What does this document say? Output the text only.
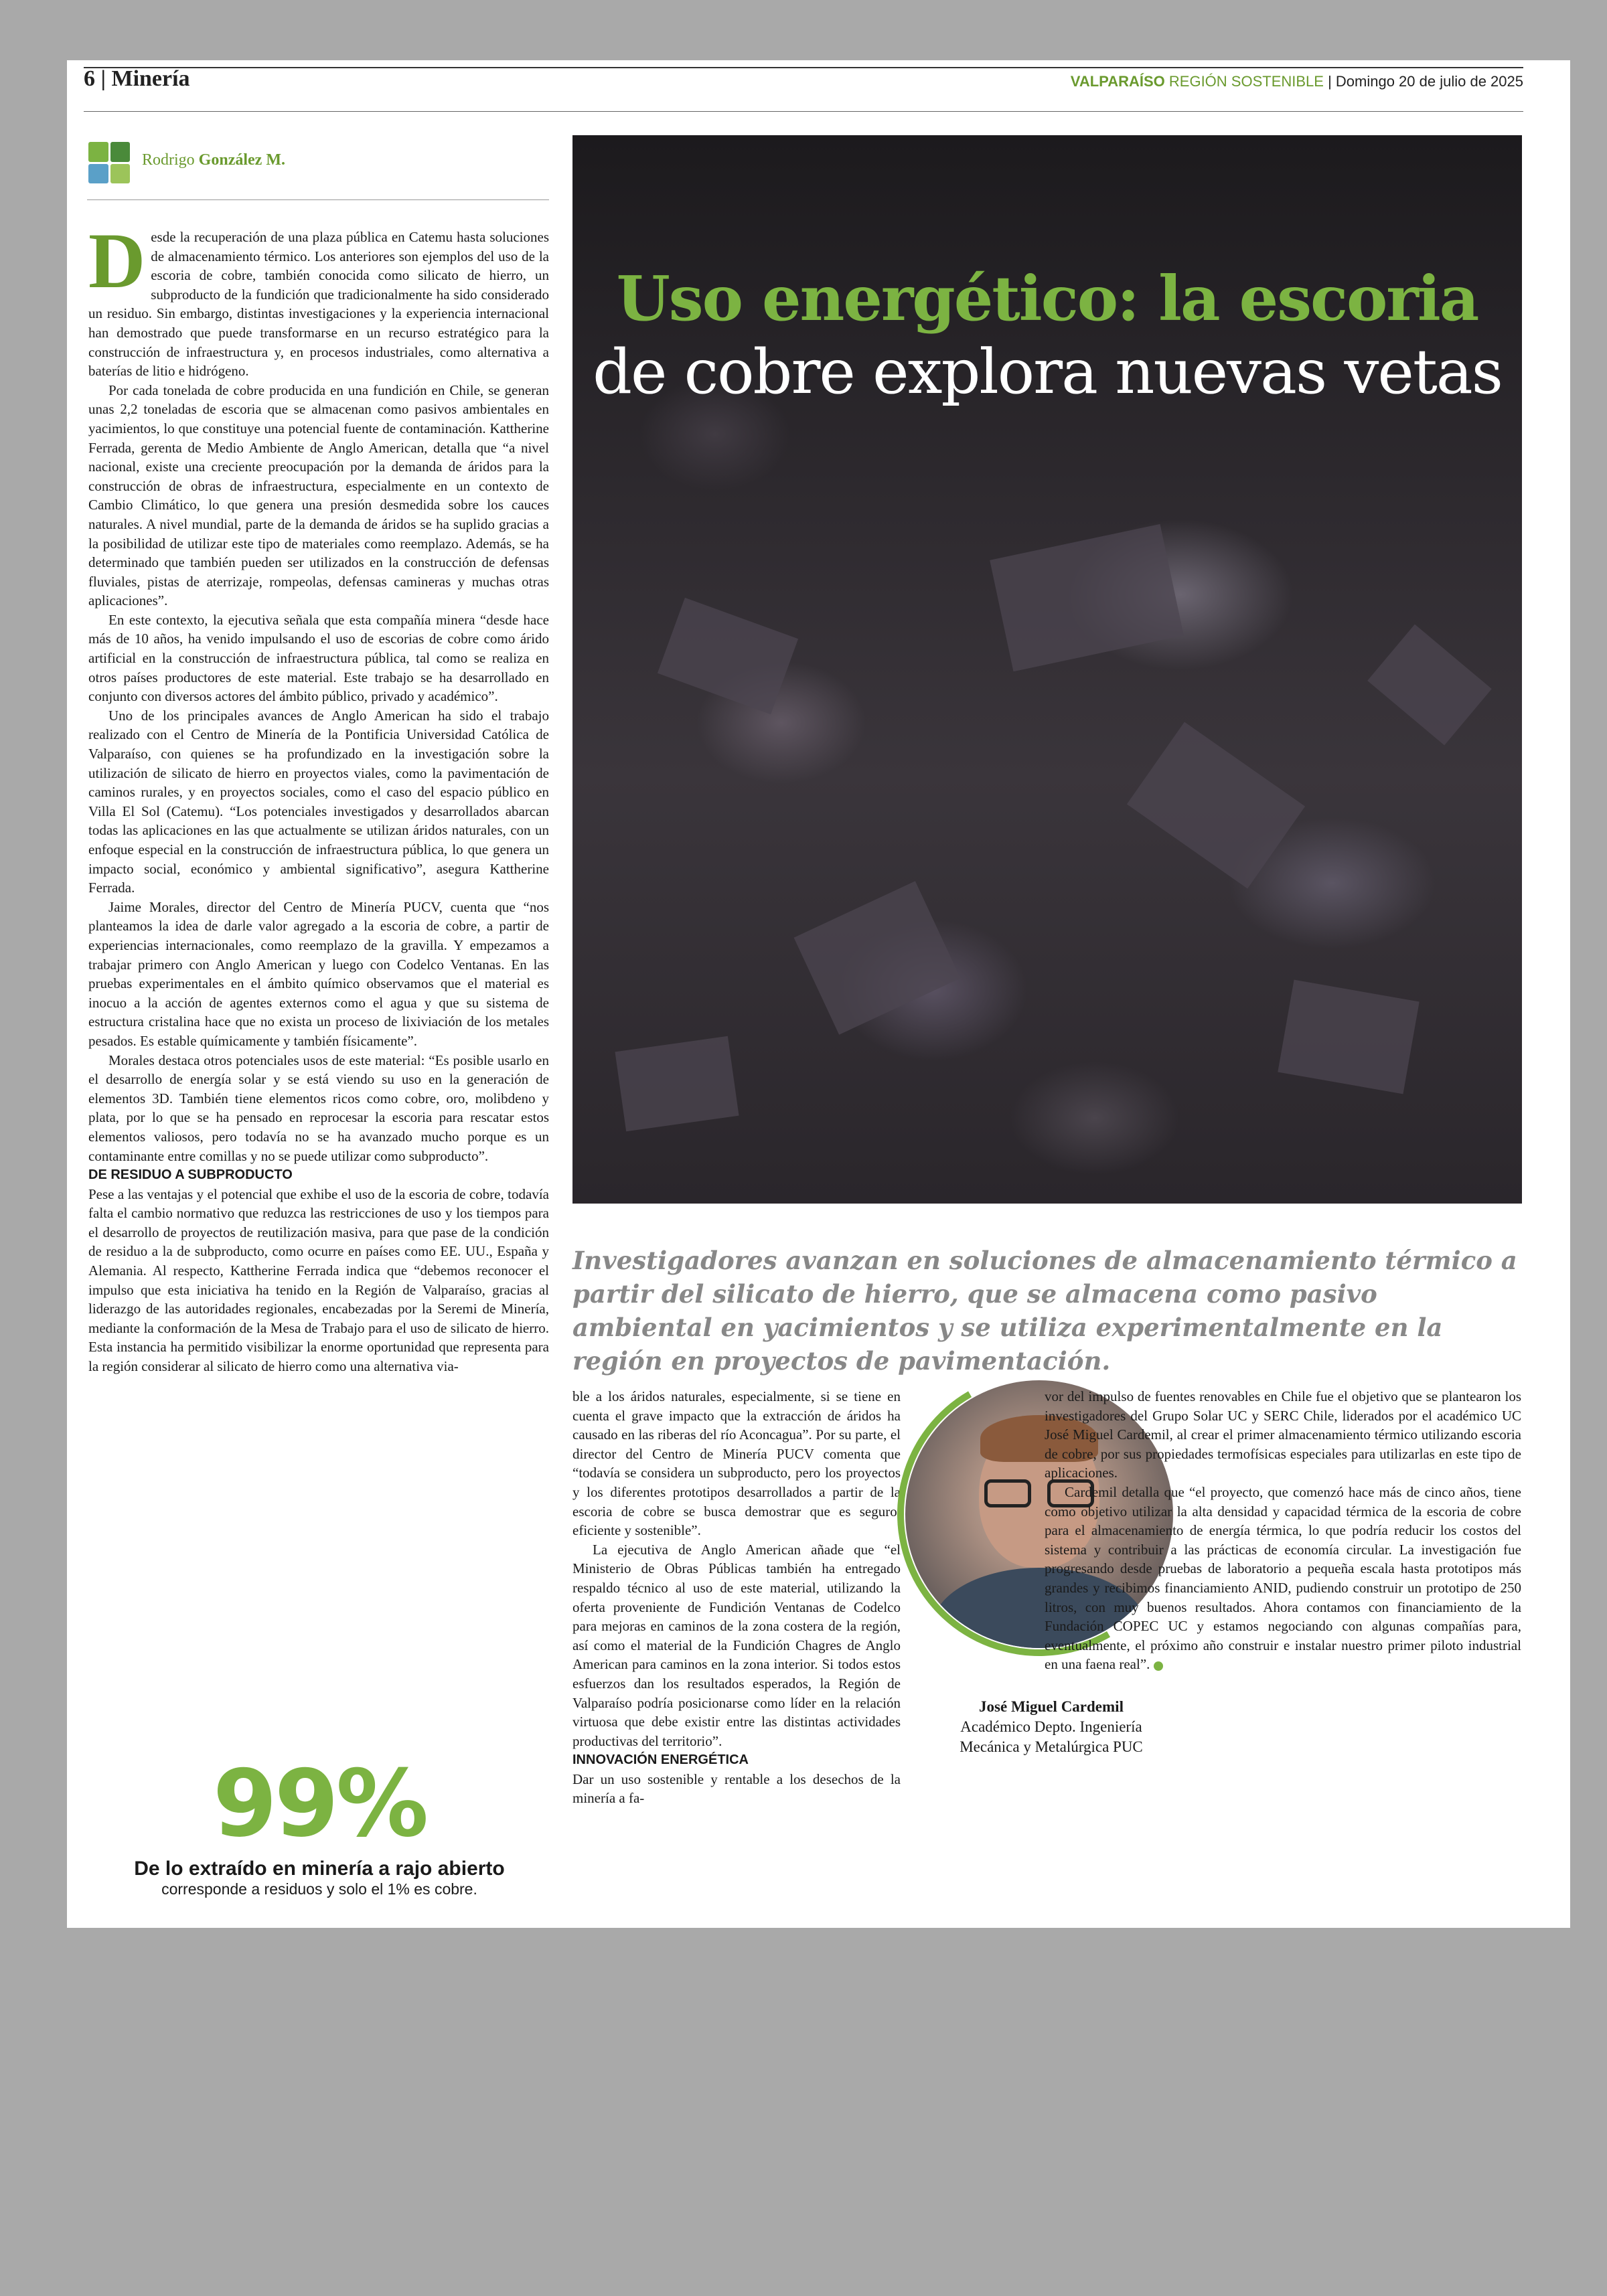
6 | Minería	VALPARAÍSO REGIÓN SOSTENIBLE | Domingo 20 de julio de 2025
Rodrigo González M.

Desde la recuperación de una plaza pública en Catemu hasta soluciones de almacenamiento térmico. Los anteriores son ejemplos del uso de la escoria de cobre, también conocida como silicato de hierro, un subproducto de la fundición que tradicionalmente ha sido considerado un residuo. Sin embargo, distintas investigaciones y la experiencia internacional han demostrado que puede transformarse en un recurso estratégico para la construcción de infraestructura y, en procesos industriales, como alternativa a baterías de litio e hidrógeno.

Por cada tonelada de cobre producida en una fundición en Chile, se generan unas 2,2 toneladas de escoria que se almacenan como pasivos ambientales en yacimientos, lo que constituye una potencial fuente de contaminación. Kattherine Ferrada, gerenta de Medio Ambiente de Anglo American, detalla que “a nivel nacional, existe una creciente preocupación por la demanda de áridos para la construcción de obras de infraestructura, especialmente en un contexto de Cambio Climático, lo que genera una presión desmedida sobre los cauces naturales. A nivel mundial, parte de la demanda de áridos se ha suplido gracias a la posibilidad de utilizar este tipo de materiales como reemplazo. Además, se ha determinado que también pueden ser utilizados en la construcción de defensas fluviales, pistas de aterrizaje, rompeolas, defensas camineras y muchas otras aplicaciones”.

En este contexto, la ejecutiva señala que esta compañía minera “desde hace más de 10 años, ha venido impulsando el uso de escorias de cobre como árido artificial en la construcción de infraestructura pública, tal como se realiza en otros países productores de este material. Este trabajo se ha desarrollado en conjunto con diversos actores del ámbito público, privado y académico”.

Uno de los principales avances de Anglo American ha sido el trabajo realizado con el Centro de Minería de la Pontificia Universidad Católica de Valparaíso, con quienes se ha profundizado en la investigación sobre la utilización de silicato de hierro en proyectos viales, como la pavimentación de caminos rurales, y en proyectos sociales, como el caso del espacio público en Villa El Sol (Catemu). “Los potenciales investigados y desarrollados abarcan todas las aplicaciones en las que actualmente se utilizan áridos naturales, con un enfoque especial en la construcción de infraestructura pública, lo que genera un impacto social, económico y ambiental significativo”, asegura Kattherine Ferrada.

Jaime Morales, director del Centro de Minería PUCV, cuenta que “nos planteamos la idea de darle valor agregado a la escoria de cobre, a partir de experiencias internacionales, como reemplazo de la gravilla. Y empezamos a trabajar primero con Anglo American y luego con Codelco Ventanas. En las pruebas experimentales en el ámbito químico observamos que el material es inocuo a la acción de agentes externos como el agua y que su sistema de estructura cristalina hace que no exista un proceso de lixiviación de los metales pesados. Es estable químicamente y también físicamente”.

Morales destaca otros potenciales usos de este material: “Es posible usarlo en el desarrollo de energía solar y se está viendo su uso en la generación de elementos 3D. También tiene elementos ricos como cobre, oro, molibdeno y plata, por lo que se ha pensado en reprocesar la escoria para rescatar estos elementos valiosos, pero todavía no se ha avanzado mucho porque es un contaminante entre comillas y no se puede utilizar como subproducto”.

DE RESIDUO A SUBPRODUCTO

Pese a las ventajas y el potencial que exhibe el uso de la escoria de cobre, todavía falta el cambio normativo que reduzca las restricciones de uso y los tiempos para el desarrollo de proyectos de reutilización masiva, para que pase de la condición de residuo a la de subproducto, como ocurre en países como EE. UU., España y Alemania. Al respecto, Kattherine Ferrada indica que “debemos reconocer el impulso que esta iniciativa ha tenido en la Región de Valparaíso, gracias al liderazgo de las autoridades regionales, encabezadas por la Seremi de Minería, mediante la conformación de la Mesa de Trabajo para el uso de silicato de hierro. Esta instancia ha permitido visibilizar la enorme oportunidad que representa para la región considerar al silicato de hierro como una alternativa via-

Uso energético: la escoria
de cobre explora nuevas vetas
Investigadores avanzan en soluciones de almacenamiento térmico a partir del silicato de hierro, que se almacena como pasivo ambiental en yacimientos y se utiliza experimentalmente en la región en proyectos de pavimentación.

ble a los áridos naturales, especialmente, si se tiene en cuenta el grave impacto que la extracción de áridos ha causado en las riberas del río Aconcagua”. Por su parte, el director del Centro de Minería PUCV comenta que “todavía se considera un subproducto, pero los proyectos y los diferentes prototipos desarrollados a partir de la escoria de cobre se busca demostrar que es seguro, eficiente y sostenible”.

La ejecutiva de Anglo American añade que “el Ministerio de Obras Públicas también ha entregado respaldo técnico al uso de este material, utilizando la oferta proveniente de Fundición Ventanas de Codelco para mejoras en caminos de la zona costera de la región, así como el material de la Fundición Chagres de Anglo American para caminos en la zona interior. Si todos estos esfuerzos dan los resultados esperados, la Región de Valparaíso podría posicionarse como líder en la relación virtuosa que debe existir entre las distintas actividades productivas del territorio”.

INNOVACIÓN ENERGÉTICA

Dar un uso sostenible y rentable a los desechos de la minería a fa-

José Miguel Cardemil
Académico Depto. Ingeniería Mecánica y Metalúrgica PUC

vor del impulso de fuentes renovables en Chile fue el objetivo que se plantearon los investigadores del Grupo Solar UC y SERC Chile, liderados por el académico UC José Miguel Cardemil, al crear el primer almacenamiento térmico utilizando escoria de cobre, por sus propiedades termofísicas especiales para utilizarlas en este tipo de aplicaciones.

Cardemil detalla que “el proyecto, que comenzó hace más de cinco años, tiene como objetivo utilizar la alta densidad y capacidad térmica de la escoria de cobre para el almacenamiento de energía térmica, lo que podría reducir los costos del sistema y contribuir a las prácticas de economía circular. La investigación fue progresando desde pruebas de laboratorio a pequeña escala hasta prototipos más grandes y recibimos financiamiento ANID, pudiendo construir un prototipo de 250 litros, con muy buenos resultados. Ahora contamos con financiamiento de la Fundación COPEC UC y estamos negociando con algunas compañías para, eventualmente, el próximo año construir e instalar nuestro primer piloto industrial en una faena real”.

99%
De lo extraído en minería a rajo abierto
corresponde a residuos y solo el 1% es cobre.
